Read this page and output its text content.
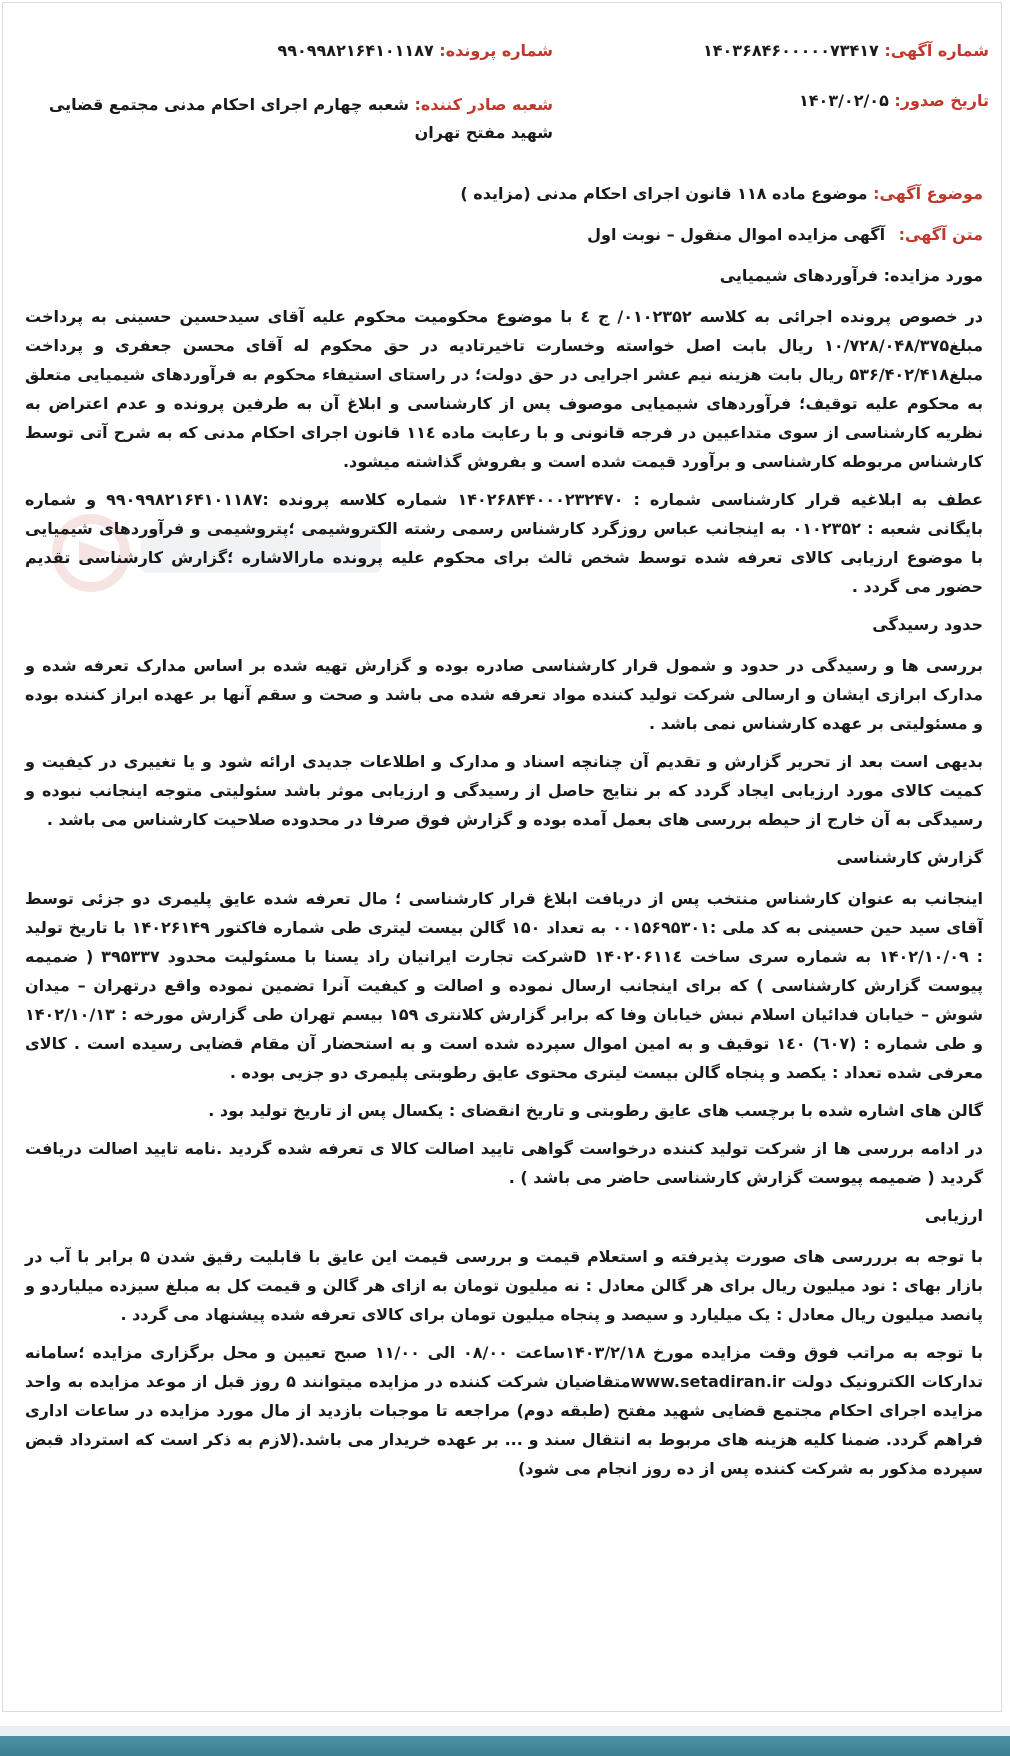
شماره آگهی: ۱۴۰۳۶۸۴۶۰۰۰۰۰۷۳۴۱۷
شماره پرونده: ۹۹۰۹۹۸۲۱۶۴۱۰۱۱۸۷
تاریخ صدور: ۱۴۰۳/۰۲/۰۵
شعبه صادر کننده: شعبه چهارم اجرای احکام مدنی مجتمع قضایی شهید مفتح تهران
موضوع آگهی: موضوع ماده ۱۱۸ قانون اجرای احکام مدنی (مزایده )
متن آگهی: آگهی مزایده اموال منقول – نوبت اول

مورد مزایده: فرآوردهای شیمیایی

در خصوص پرونده اجرائی به کلاسه ۰۱۰۲۳۵۲/ ج ٤ با موضوع محکومیت محکوم علیه آقای سیدحسین حسینی به پرداخت مبلغ۱۰/۷۲۸/۰۴۸/۳۷۵ ریال بابت اصل خواسته وخسارت تاخیرتادیه در حق محکوم له آقای محسن جعفری و پرداخت مبلغ۵۳۶/۴۰۲/۴۱۸ ریال بابت هزینه نیم عشر اجرایی در حق دولت؛ در راستای استیفاء محکوم به فرآوردهای شیمیایی متعلق به محکوم علیه توقیف؛ فرآوردهای شیمیایی موصوف پس از کارشناسی و ابلاغ آن به طرفین پرونده و عدم اعتراض به نظریه کارشناسی از سوی متداعیین در فرجه قانونی و با رعایت ماده ۱۱٤ قانون اجرای احکام مدنی که به شرح آتی توسط کارشناس مربوطه کارشناسی و برآورد قیمت شده است و بفروش گذاشته میشود.

عطف به ابلاغیه قرار کارشناسی شماره : ۱۴۰۲۶۸۴۴۰۰۰۲۳۲۴۷۰ شماره کلاسه پرونده :۹۹۰۹۹۸۲۱۶۴۱۰۱۱۸۷ و شماره بایگانی شعبه : ۰۱۰۲۳۵۲ به اینجانب عباس روزگرد کارشناس رسمی رشته الکتروشیمی ؛پتروشیمی و فرآوردهای شیمیایی با موضوع ارزیابی کالای تعرفه شده توسط شخص ثالث برای محکوم علیه پرونده مارالاشاره ؛گزارش کارشناسی تقدیم حضور می گردد .

حدود رسیدگی

بررسی ها و رسیدگی در حدود و شمول قرار کارشناسی صادره بوده و گزارش تهیه شده بر اساس مدارک تعرفه شده و مدارک ابرازی ایشان و ارسالی شرکت تولید کننده مواد تعرفه شده می باشد و صحت و سقم آنها بر عهده ابراز کننده بوده و مسئولیتی بر عهده کارشناس نمی باشد .

بدیهی است بعد از تحریر گزارش و تقدیم آن چنانچه اسناد و مدارک و اطلاعات جدیدی ارائه شود و یا تغییری در کیفیت و کمیت کالای مورد ارزیابی ایجاد گردد که بر نتایج حاصل از رسیدگی و ارزیابی موثر باشد سئولیتی متوجه اینجانب نبوده و رسیدگی به آن خارج از حیطه بررسی های بعمل آمده بوده و گزارش فوق صرفا در محدوده صلاحیت کارشناس می باشد .

گزارش کارشناسی

اینجانب به عنوان کارشناس منتخب پس از دریافت ابلاغ قرار کارشناسی ؛ مال تعرفه شده عایق پلیمری دو جزئی توسط آقای سید حین حسینی به کد ملی :۰۰۱۵۶۹۵۳۰۱ به تعداد ۱۵۰ گالن بیست لیتری طی شماره فاکتور ۱۴۰۲۶۱۴۹ با تاریخ تولید : ۱۴۰۲/۱۰/۰۹ به شماره سری ساخت ۱۴۰۲۰۶۱۱٤ Dشرکت تجارت ایرانیان راد یسنا با مسئولیت محدود ۳۹۵۳۳۷ ( ضمیمه پیوست گزارش کارشناسی ) که برای اینجانب ارسال نموده و اصالت و کیفیت آنرا تضمین نموده واقع درتهران – میدان شوش – خیابان فدائیان اسلام نبش خیابان وفا که برابر گزارش کلانتری ۱۵۹ بیسم تهران طی گزارش مورخه : ۱۴۰۲/۱۰/۱۳ و طی شماره : (٦۰۷) ۱٤۰ توقیف و به امین اموال سپرده شده است و به استحضار آن مقام قضایی رسیده است . کالای معرفی شده تعداد : یکصد و پنجاه گالن بیست لیتری محتوی عایق رطوبتی پلیمری دو جزیی بوده .

گالن های اشاره شده با برچسب های عایق رطوبتی و تاریخ انقضای : یکسال پس از تاریخ تولید بود .

در ادامه بررسی ها از شرکت تولید کننده درخواست گواهی تایید اصالت کالا ی تعرفه شده گردید .نامه تایید اصالت دریافت گردید ( ضمیمه پیوست گزارش کارشناسی حاضر می باشد ) .

ارزیابی

با توجه به برررسی های صورت پذیرفته و استعلام قیمت و بررسی قیمت این عایق با قابلیت رقیق شدن ۵ برابر با آب در بازار بهای : نود میلیون ریال برای هر گالن معادل : نه میلیون تومان به ازای هر گالن و قیمت کل به مبلغ سیزده میلیاردو و پانصد میلیون ریال معادل : یک میلیارد و سیصد و پنجاه میلیون تومان برای کالای تعرفه شده پیشنهاد می گردد .

با توجه به مراتب فوق وقت مزایده مورخ ۱۴۰۳/۲/۱۸ساعت ۰۸/۰۰ الی ۱۱/۰۰ صبح تعیین و محل برگزاری مزایده ؛سامانه تدارکات الکترونیک دولت www.setadiran.irمتقاضیان شرکت کننده در مزایده میتوانند ۵ روز قبل از موعد مزایده به واحد مزایده اجرای احکام مجتمع قضایی شهید مفتح (طبقه دوم) مراجعه تا موجبات بازدید از مال مورد مزایده در ساعات اداری فراهم گردد. ضمنا کلیه هزینه های مربوط به انتقال سند و ... بر عهده خریدار می باشد.(لازم به ذکر است که استرداد قبض سپرده مذکور به شرکت کننده پس از ده روز انجام می شود)
